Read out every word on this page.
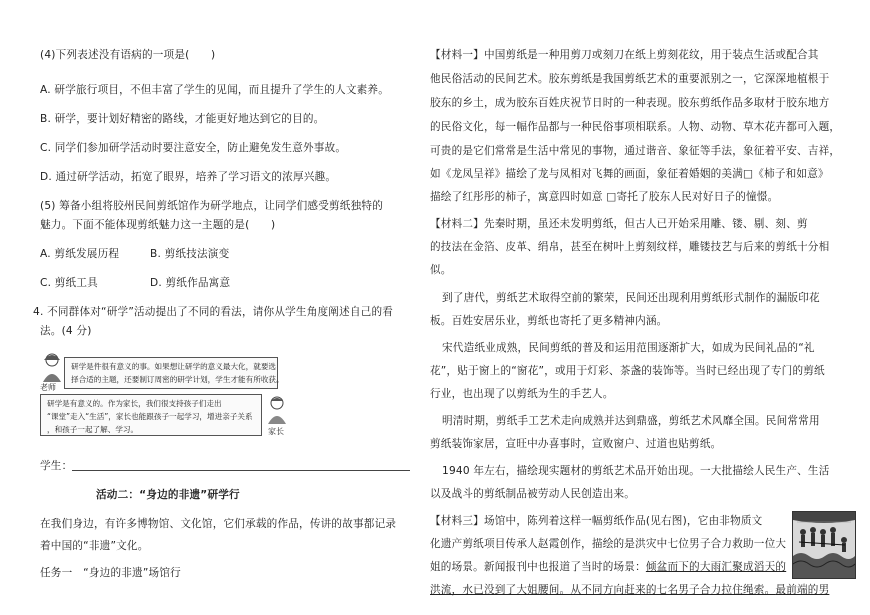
(4)下列表述没有语病的一项是(　　)
A. 研学旅行项目，不但丰富了学生的见闻，而且提升了学生的人文素养。
B. 研学，要计划好精密的路线，才能更好地达到它的目的。
C. 同学们参加研学活动时要注意安全，防止避免发生意外事故。
D. 通过研学活动，拓宽了眼界，培养了学习语文的浓厚兴趣。
(5) 筹备小组将胶州民间剪纸馆作为研学地点，让同学们感受剪纸独特的
魅力。下面不能体现剪纸魅力这一主题的是(　　)
A. 剪纸发展历程	B. 剪纸技法演变
C. 剪纸工具	D. 剪纸作品寓意
4. 不同群体对“研学”活动提出了不同的看法，请你从学生角度阐述自己的看
法。(4 分)
老师
研学是件很有意义的事。如果想让研学的意义最大化，就要选
择合适的主题，还要制订周密的研学计划，学生才能有所收获。
研学是有意义的。作为家长，我们很支持孩子们走出
“课堂”走入“生活”，家长也能跟孩子一起学习，增进亲子关系
，和孩子一起了解、学习。	家长
学生：
活动二：“身边的非遗”研学行
在我们身边，有许多博物馆、文化馆，它们承载的作品，传讲的故事都记录
着中国的“非遗”文化。
任务一　“身边的非遗”场馆行
【材料一】中国剪纸是一种用剪刀或刻刀在纸上剪刻花纹，用于装点生活或配合其
他民俗活动的民间艺术。胶东剪纸是我国剪纸艺术的重要派别之一，它深深地植根于
胶东的乡土，成为胶东百姓庆祝节日时的一种表现。胶东剪纸作品多取材于胶东地方
的民俗文化，每一幅作品都与一种民俗事项相联系。人物、动物、草木花卉都可入题，
可贵的是它们常常是生活中常见的事物，通过谐音、象征等手法，象征着平安、吉祥，
如《龙凤呈祥》描绘了龙与凤相对飞舞的画面，象征着婚姻的美满□《柿子和如意》
描绘了红彤彤的柿子，寓意四时如意 □寄托了胶东人民对好日子的憧憬。
【材料二】先秦时期，虽还未发明剪纸，但古人已开始采用雕、镂、剔、刻、剪
的技法在金箔、皮革、绢帛，甚至在树叶上剪刻纹样，雕镂技艺与后来的剪纸十分相
似。
到了唐代，剪纸艺术取得空前的繁荣，民间还出现利用剪纸形式制作的漏版印花
板。百姓安居乐业，剪纸也寄托了更多精神内涵。
宋代造纸业成熟，民间剪纸的普及和运用范围逐渐扩大，如成为民间礼品的“礼
花”，贴于窗上的“窗花”，或用于灯彩、茶盏的装饰等。当时已经出现了专门的剪纸
行业，也出现了以剪纸为生的手艺人。
明清时期，剪纸手工艺术走向成熟并达到鼎盛，剪纸艺术风靡全国。民间常常用
剪纸装饰家居，宣旺中办喜事时，宣败窗户、过道也贴剪纸。
1940 年左右，描绘现实题材的剪纸艺术品开始出现。一大批描绘人民生产、生活
以及战斗的剪纸制品被劳动人民创造出来。
【材料三】场馆中，陈列着这样一幅剪纸作品(见右图)，它由非物质文
化遗产剪纸项目传承人赵霞创作，描绘的是洪灾中七位男子合力救助一位大
姐的场景。新闻报刊中也报道了当时的场景：倾盆而下的大雨汇聚成滔天的
洪流，水已没到了大姐腰间。从不同方向赶来的七名男子合力拉住绳索。最前端的男
